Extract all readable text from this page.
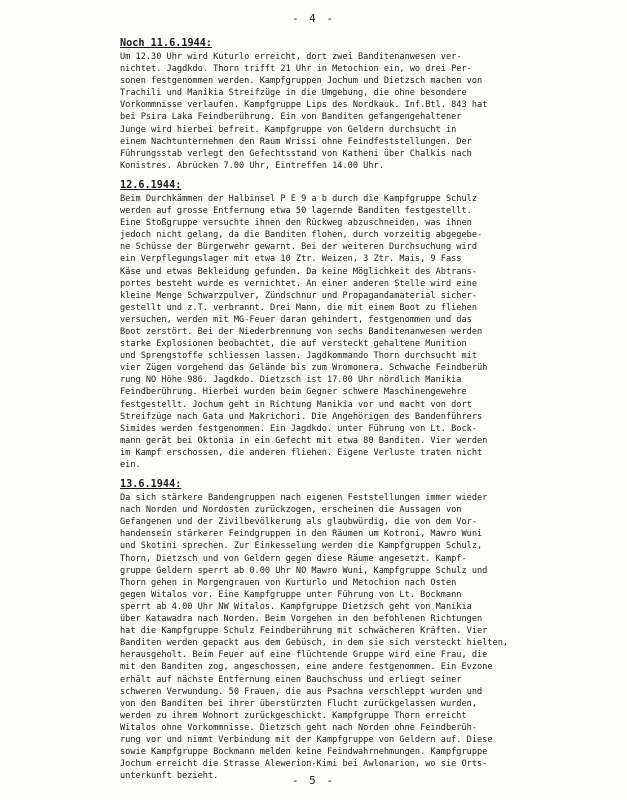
- 4 -
Noch 11.6.1944:
Um 12.30 Uhr wird Kuturlo erreicht, dort zwei Banditenanwesen ver-
nichtet. Jagdkdo. Thorn trifft 21 Uhr in Metochion ein, wo drei Per-
sonen festgenommen werden. Kampfgruppen Jochum und Dietzsch machen von
Trachili und Manikia Streifzüge in die Umgebung, die ohne besondere
Vorkommnisse verlaufen. Kampfgruppe Lips des Nordkauk. Inf.Btl. 843 hat
bei Psira Laka Feindberührung. Ein von Banditen gefangengehaltener
Junge wird hierbei befreit. Kampfgruppe von Geldern durchsucht in
einem Nachtunternehmen den Raum Wrissi ohne Feindfeststellungen. Der
Führungsstab verlegt den Gefechtsstand von Katheni über Chalkis nach
Konistres. Abrücken 7.00 Uhr, Eintreffen 14.00 Uhr.
12.6.1944:
Beim Durchkämmen der Halbinsel P E 9 a b durch die Kampfgruppe Schulz
werden auf grosse Entfernung etwa 50 lagernde Banditen festgestellt.
Eine Stoßgruppe versuchte ihnen den Rückweg abzuschneiden, was ihnen
jedoch nicht gelang, da die Banditen flohen, durch vorzeitig abgegebe-
ne Schüsse der Bürgerwehr gewarnt. Bei der weiteren Durchsuchung wird
ein Verpflegungslager mit etwa 10 Ztr. Weizen, 3 Ztr. Mais, 9 Fass
Käse und etwas Bekleidung gefunden. Da keine Möglichkeit des Abtrans-
portes besteht wurde es vernichtet. An einer anderen Stelle wird eine
kleine Menge Schwarzpulver, Zündschnur und Propagandamaterial sicher-
gestellt und z.T. verbrannt. Drei Mann, die mit einem Boot zu fliehen
versuchen, werden mit MG-Feuer daran gehindert, festgenommen und das
Boot zerstört. Bei der Niederbrennung von sechs Banditenanwesen werden
starke Explosionen beobachtet, die auf versteckt gehaltene Munition
und Sprengstoffe schliessen lassen. Jagdkommando Thorn durchsucht mit
vier Zügen vorgehend das Gelände bis zum Wromonera. Schwache Feindberüh
rung NO Höhe 986. Jagdkdo. Dietzsch ist 17.00 Uhr nördlich Manikia
Feindberührung. Hierbei wurden beim Gegner schwere Maschinengewehre
festgestellt. Jochum geht in Richtung Manikia vor und macht von dort
Streifzüge nach Gata und Makrichori. Die Angehörigen des Bandenführers
Simides werden festgenommen. Ein Jagdkdo. unter Führung von Lt. Bock-
mann gerät bei Oktonia in ein Gefecht mit etwa 80 Banditen. Vier werden
im Kampf erschossen, die anderen fliehen. Eigene Verluste traten nicht
ein.
13.6.1944:
Da sich stärkere Bandengruppen nach eigenen Feststellungen immer wieder
nach Norden und Nordosten zurückzogen, erscheinen die Aussagen von
Gefangenen und der Zivilbevölkerung als glaubwürdig, die von dem Vor-
handensein stärkerer Feindgruppen in den Räumen um Kotroni, Mawro Wuni
und Skotini sprechen. Zur Einkesselung werden die Kampfgruppen Schulz,
Thorn, Dietzsch und von Geldern gegen diese Räume angesetzt. Kampf-
gruppe Geldern sperrt ab 0.00 Uhr NO Mawro Wuni, Kampfgruppe Schulz und
Thorn gehen in Morgengrauen von Kurturlo und Metochion nach Osten
gegen Witalos vor. Eine Kampfgruppe unter Führung von Lt. Bockmann
sperrt ab 4.00 Uhr NW Witalos. Kampfgruppe Dietzsch geht von Manikia
über Katawadra nach Norden. Beim Vorgehen in den befohlenen Richtungen
hat die Kampfgruppe Schulz Feindberührung mit schwächeren Kräften. Vier
Banditen werden gepackt aus dem Gebüsch, in dem sie sich versteckt hielten,
herausgeholt. Beim Feuer auf eine flüchtende Gruppe wird eine Frau, die
mit den Banditen zog, angeschossen, eine andere festgenommen. Ein Evzone
erhält auf nächste Entfernung einen Bauchschuss und erliegt seiner
schweren Verwundung. 50 Frauen, die aus Psachna verschleppt wurden und
von den Banditen bei ihrer überstürzten Flucht zurückgelassen wurden,
werden zu ihrem Wohnort zurückgeschickt. Kampfgruppe Thorn erreicht
Witalos ohne Vorkommnisse. Dietzsch geht nach Norden ohne Feindberüh-
rung vor und nimmt Verbindung mit der Kampfgruppe von Geldern auf. Diese
sowie Kampfgruppe Bockmann melden keine Feindwahrnehmungen. Kampfgruppe
Jochum erreicht die Strasse Alewerion-Kimi bei Awlonarion, wo sie Orts-
unterkunft bezieht.	- 5 -
